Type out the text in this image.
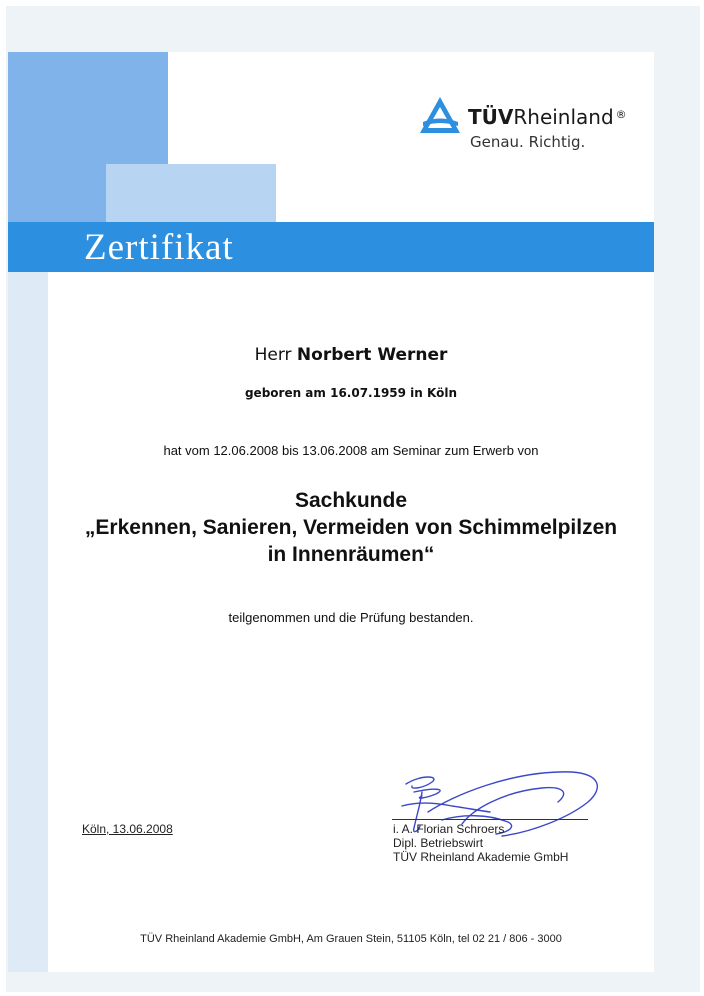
Zertifikat
TÜVRheinland ®
Genau. Richtig.
Herr Norbert Werner
geboren am 16.07.1959 in Köln
hat vom 12.06.2008 bis 13.06.2008 am Seminar zum Erwerb von
Sachkunde
„Erkennen, Sanieren, Vermeiden von Schimmelpilzen
in Innenräumen“
teilgenommen und die Prüfung bestanden.
Köln, 13.06.2008	i. A. Florian Schroers
Dipl. Betriebswirt
TÜV Rheinland Akademie GmbH
TÜV Rheinland Akademie GmbH, Am Grauen Stein, 51105 Köln, tel 02 21 / 806 - 3000
